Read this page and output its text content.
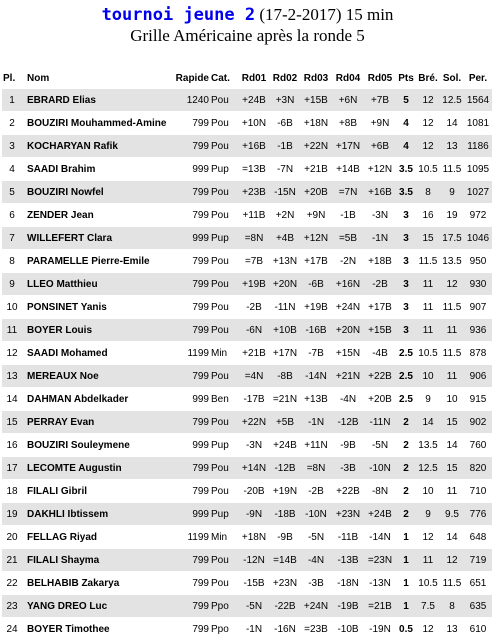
tournoi jeune 2 (17-2-2017) 15 min
Grille Américaine après la ronde 5
Pl.	Nom	Rapide	Cat.	Rd01	Rd02	Rd03	Rd04	Rd05	Pts	Bré.	Sol.	Per.
1	EBRARD Elias	1240	Pou	+24B	+3N	+15B	+6N	+7B	5	12	12.5	1564
2	BOUZIRI Mouhammed-Amine	799	Pou	+10N	-6B	+18N	+8B	+9N	4	12	14	1081
3	KOCHARYAN Rafik	799	Pou	+16B	-1B	+22N	+17N	+6B	4	12	13	1186
4	SAADI Brahim	999	Pup	=13B	-7N	+21B	+14B	+12N	3.5	10.5	11.5	1095
5	BOUZIRI Nowfel	799	Pou	+23B	-15N	+20B	=7N	+16B	3.5	8	9	1027
6	ZENDER Jean	799	Pou	+11B	+2N	+9N	-1B	-3N	3	16	19	972
7	WILLEFERT Clara	999	Pup	=8N	+4B	+12N	=5B	-1N	3	15	17.5	1046
8	PARAMELLE Pierre-Emile	799	Pou	=7B	+13N	+17B	-2N	+18B	3	11.5	13.5	950
9	LLEO Matthieu	799	Pou	+19B	+20N	-6B	+16N	-2B	3	11	12	930
10	PONSINET Yanis	799	Pou	-2B	-11N	+19B	+24N	+17B	3	11	11.5	907
11	BOYER Louis	799	Pou	-6N	+10B	-16B	+20N	+15B	3	11	11	936
12	SAADI Mohamed	1199	Min	+21B	+17N	-7B	+15N	-4B	2.5	10.5	11.5	878
13	MEREAUX Noe	799	Pou	=4N	-8B	-14N	+21N	+22B	2.5	10	11	906
14	DAHMAN Abdelkader	999	Ben	-17B	=21N	+13B	-4N	+20B	2.5	9	10	915
15	PERRAY Evan	799	Pou	+22N	+5B	-1N	-12B	-11N	2	14	15	902
16	BOUZIRI Souleymene	999	Pup	-3N	+24B	+11N	-9B	-5N	2	13.5	14	760
17	LECOMTE Augustin	799	Pou	+14N	-12B	=8N	-3B	-10N	2	12.5	15	820
18	FILALI Gibril	799	Pou	-20B	+19N	-2B	+22B	-8N	2	10	11	710
19	DAKHLI Ibtissem	999	Pup	-9N	-18B	-10N	+23N	+24B	2	9	9.5	776
20	FELLAG Riyad	1199	Min	+18N	-9B	-5N	-11B	-14N	1	12	14	648
21	FILALI Shayma	799	Pou	-12N	=14B	-4N	-13B	=23N	1	11	12	719
22	BELHABIB Zakarya	799	Pou	-15B	+23N	-3B	-18N	-13N	1	10.5	11.5	651
23	YANG DREO Luc	799	Ppo	-5N	-22B	+24N	-19B	=21B	1	7.5	8	635
24	BOYER Timothee	799	Ppo	-1N	-16N	=23B	-10B	-19N	0.5	12	13	610
